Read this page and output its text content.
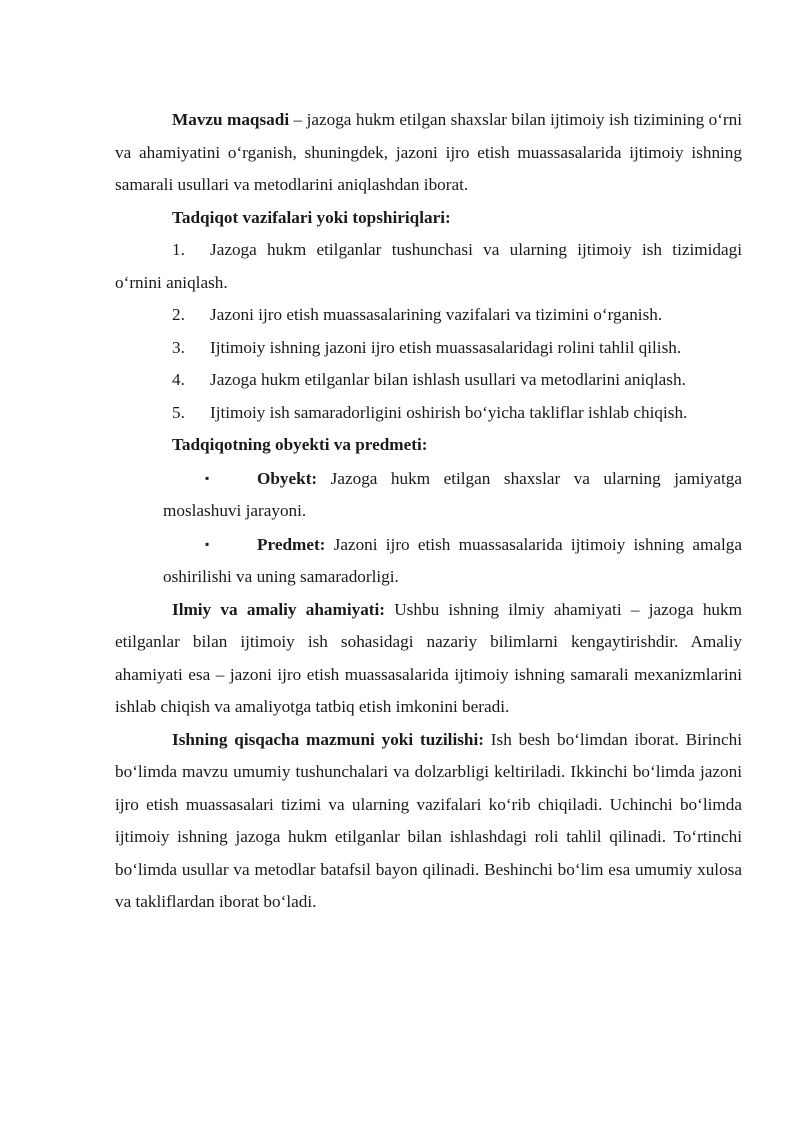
Mavzu maqsadi – jazoga hukm etilgan shaxslar bilan ijtimoiy ish tizimining o‘rni va ahamiyatini o‘rganish, shuningdek, jazoni ijro etish muassasalarida ijtimoiy ishning samarali usullari va metodlarini aniqlashdan iborat.

Tadqiqot vazifalari yoki topshiriqlari:

1. Jazoga hukm etilganlar tushunchasi va ularning ijtimoiy ish tizimidagi o‘rnini aniqlash.

2. Jazoni ijro etish muassasalarining vazifalari va tizimini o‘rganish.

3. Ijtimoiy ishning jazoni ijro etish muassasalaridagi rolini tahlil qilish.

4. Jazoga hukm etilganlar bilan ishlash usullari va metodlarini aniqlash.

5. Ijtimoiy ish samaradorligini oshirish bo‘yicha takliflar ishlab chiqish.

Tadqiqotning obyekti va predmeti:

▪	Obyekt: Jazoga hukm etilgan shaxslar va ularning jamiyatga moslashuvi jarayoni.

▪	Predmet: Jazoni ijro etish muassasalarida ijtimoiy ishning amalga oshirilishi va uning samaradorligi.

Ilmiy va amaliy ahamiyati: Ushbu ishning ilmiy ahamiyati – jazoga hukm etilganlar bilan ijtimoiy ish sohasidagi nazariy bilimlarni kengaytirishdir. Amaliy ahamiyati esa – jazoni ijro etish muassasalarida ijtimoiy ishning samarali mexanizmlarini ishlab chiqish va amaliyotga tatbiq etish imkonini beradi.

Ishning qisqacha mazmuni yoki tuzilishi: Ish besh bo‘limdan iborat. Birinchi bo‘limda mavzu umumiy tushunchalari va dolzarbligi keltiriladi. Ikkinchi bo‘limda jazoni ijro etish muassasalari tizimi va ularning vazifalari ko‘rib chiqiladi. Uchinchi bo‘limda ijtimoiy ishning jazoga hukm etilganlar bilan ishlashdagi roli tahlil qilinadi. To‘rtinchi bo‘limda usullar va metodlar batafsil bayon qilinadi. Beshinchi bo‘lim esa umumiy xulosa va takliflardan iborat bo‘ladi.
